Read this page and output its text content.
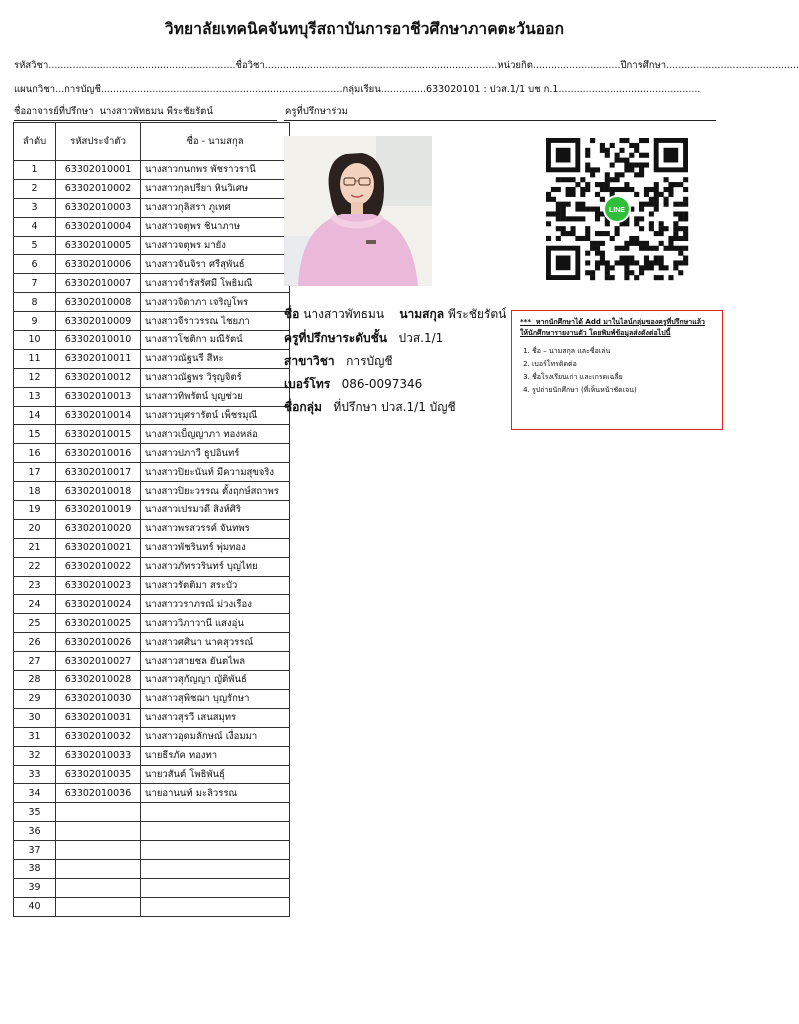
วิทยาลัยเทคนิคจันทบุรีสถาบันการอาชีวศึกษาภาคตะวันออก
รหัสวิชา..............................................................ชื่อวิชา.............................................................................หน่วยกิต.............................ปีการศึกษา............................................
แผนกวิชา...การบัญชี................................................................................กลุ่มเรียน...............633020101 : ปวส.1/1 บช ก.1...............................................
ชื่ออาจารย์ที่ปรึกษา นางสาวพัทธมน พีระชัยรัตน์	ครูที่ปรึกษาร่วม
ลำดับ	รหัสประจำตัว	ชื่อ - นามสกุล
1	63302010001	นางสาวกนกพร พัชราวรานี
2	63302010002	นางสาวกุลปรียา หินวิเศษ
3	63302010003	นางสาวกุลิสรา ภูเทศ
4	63302010004	นางสาวจตุพร ชินาภาษ
5	63302010005	นางสาวจตุพร มายัง
6	63302010006	นางสาวจันจิรา ศรีสุพันธ์
7	63302010007	นางสาวจำรัสรัศมี โพธิมณี
8	63302010008	นางสาวจิดาภา เจริญโพร
9	63302010009	นางสาวจีราวรรณ ไชยภา
10	63302010010	นางสาวโชติกา มณีรัตน์
11	63302010011	นางสาวณัฐนรี สีหะ
12	63302010012	นางสาวณัฐพร วิรุญจิตร์
13	63302010013	นางสาวทิพรัตน์ บุญช่วย
14	63302010014	นางสาวบุศรารัตน์ เพ็ชรมุณี
15	63302010015	นางสาวเบ็ญญาภา ทองหล่อ
16	63302010016	นางสาวปภาวี ธูปอินทร์
17	63302010017	นางสาวปิยะนันท์ มีความสุขจริง
18	63302010018	นางสาวปิยะวรรณ ตั้งฤกษ์สถาพร
19	63302010019	นางสาวเปรมวดี สิงห์ศิริ
20	63302010020	นางสาวพรสวรรค์ จันทพร
21	63302010021	นางสาวพัชรินทร์ พุ่มทอง
22	63302010022	นางสาวภัทรวรินทร์ บุญไทย
23	63302010023	นางสาวรัตติมา สระบัว
24	63302010024	นางสาววราภรณ์ ม่วงเรือง
25	63302010025	นางสาววิภาวานี แสงอุ่น
26	63302010026	นางสาวศศินา นาคสุวรรณ์
27	63302010027	นางสาวสายชล ยันตไพล
28	63302010028	นางสาวสุกัญญา ญัติพันธ์
29	63302010030	นางสาวสุพิชฌา บุญรักษา
30	63302010031	นางสาวสุรวี เสนสมุทร
31	63302010032	นางสาวอุดมลักษณ์ เงื่อมมา
32	63302010033	นายธีรภัค ทองทา
33	63302010035	นายวสันต์ โพธิพันธุ์
34	63302010036	นายอานนท์ มะลิวรรณ
35		
36		
37		
38		
39		
40		
LINE
ชื่อ นางสาวพัทธมน นามสกุล พีระชัยรัตน์
ครูที่ปรึกษาระดับชั้น ปวส.1/1
สาขาวิชา การบัญชี
เบอร์โทร 086-0097346
ชื่อกลุ่ม ที่ปรึกษา ปวส.1/1 บัญชี
*** หากนักศึกษาได้ Add มาในไลน์กลุ่มของครูที่ปรึกษาแล้ว
ให้นักศึกษารายงานตัว โดยพิมพ์ข้อมูลส่งดังต่อไปนี้
1. ชื่อ – นามสกุล และชื่อเล่น
2. เบอร์โทรติดต่อ
3. ชื่อโรงเรียนเก่า และเกรดเฉลี่ย
4. รูปถ่ายนักศึกษา (ที่เห็นหน้าชัดเจน)
